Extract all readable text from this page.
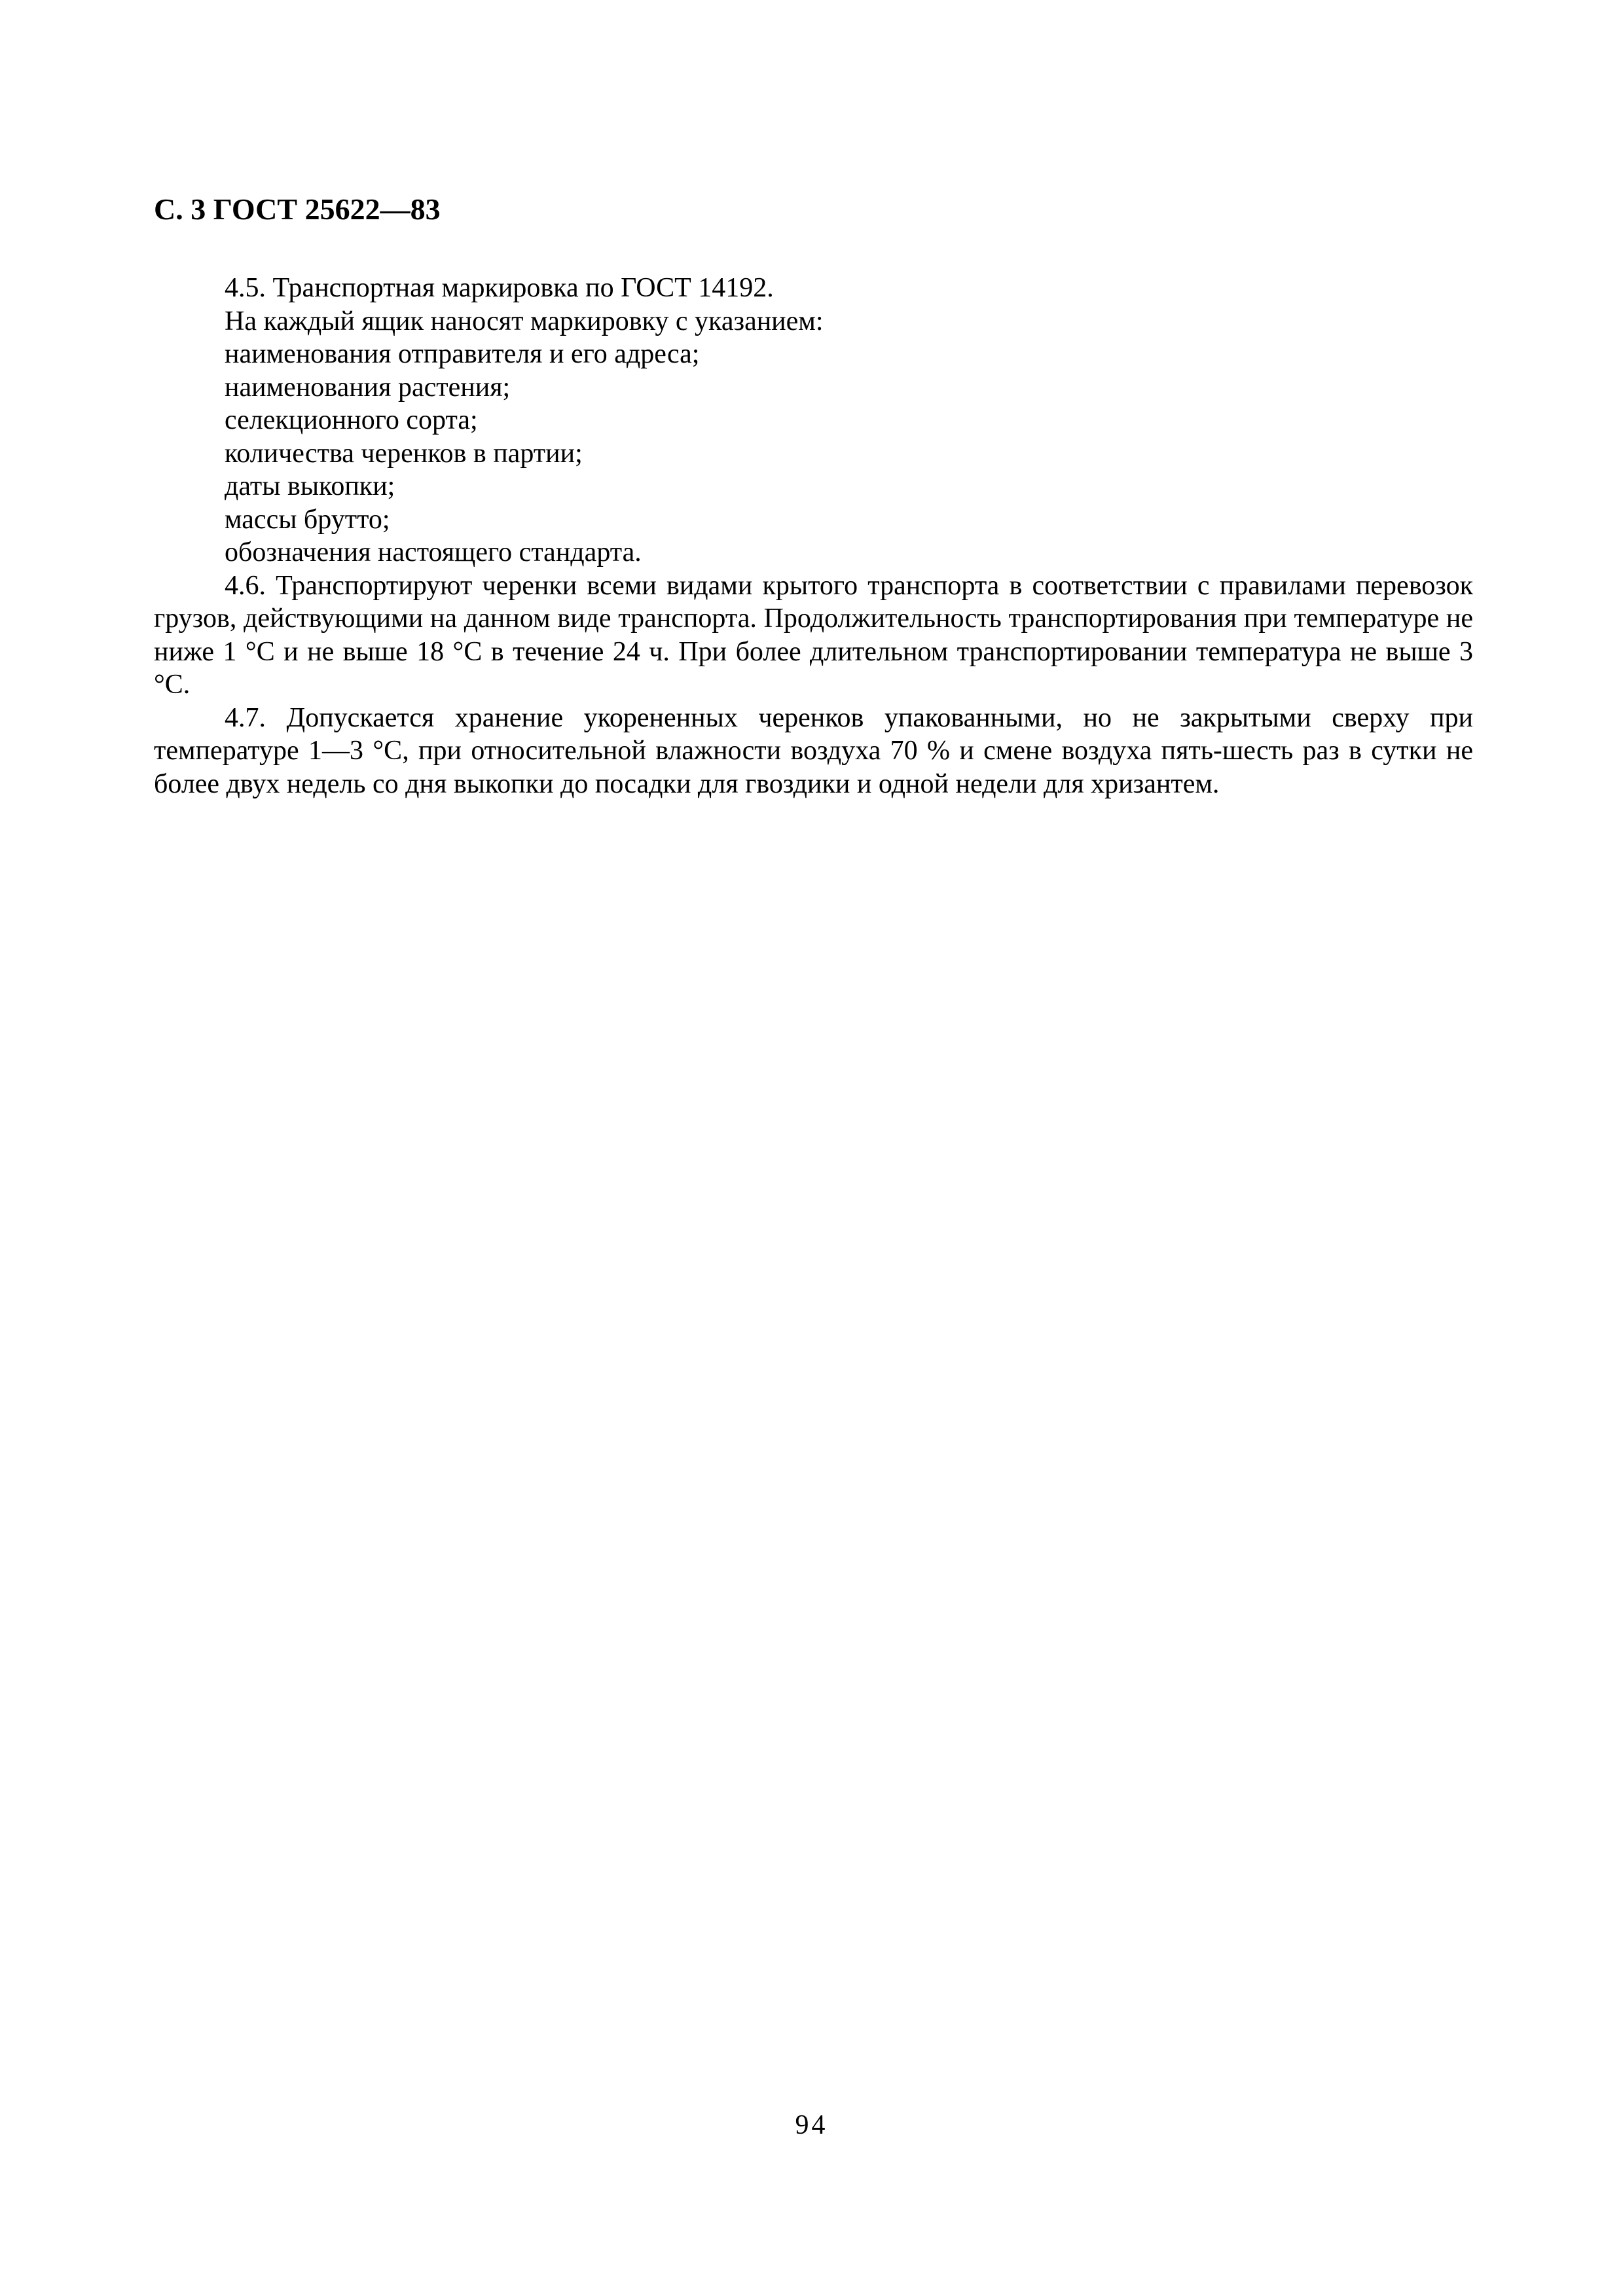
С. 3 ГОСТ 25622—83

4.5. Транспортная маркировка по ГОСТ 14192.

На каждый ящик наносят маркировку с указанием:

наименования отправителя и его адреса;

наименования растения;

селекционного сорта;

количества черенков в партии;

даты выкопки;

массы брутто;

обозначения настоящего стандарта.

4.6. Транспортируют черенки всеми видами крытого транспорта в соответствии с правилами перевозок грузов, действующими на данном виде транспорта. Продолжительность транспортирования при температуре не ниже 1 °С и не выше 18 °С в течение 24 ч. При более длительном транспортировании температура не выше 3 °С.

4.7. Допускается хранение укорененных черенков упакованными, но не закрытыми сверху при температуре 1—3 °С, при относительной влажности воздуха 70 % и смене воздуха пять-шесть раз в сутки не более двух недель со дня выкопки до посадки для гвоздики и одной недели для хризантем.

94
